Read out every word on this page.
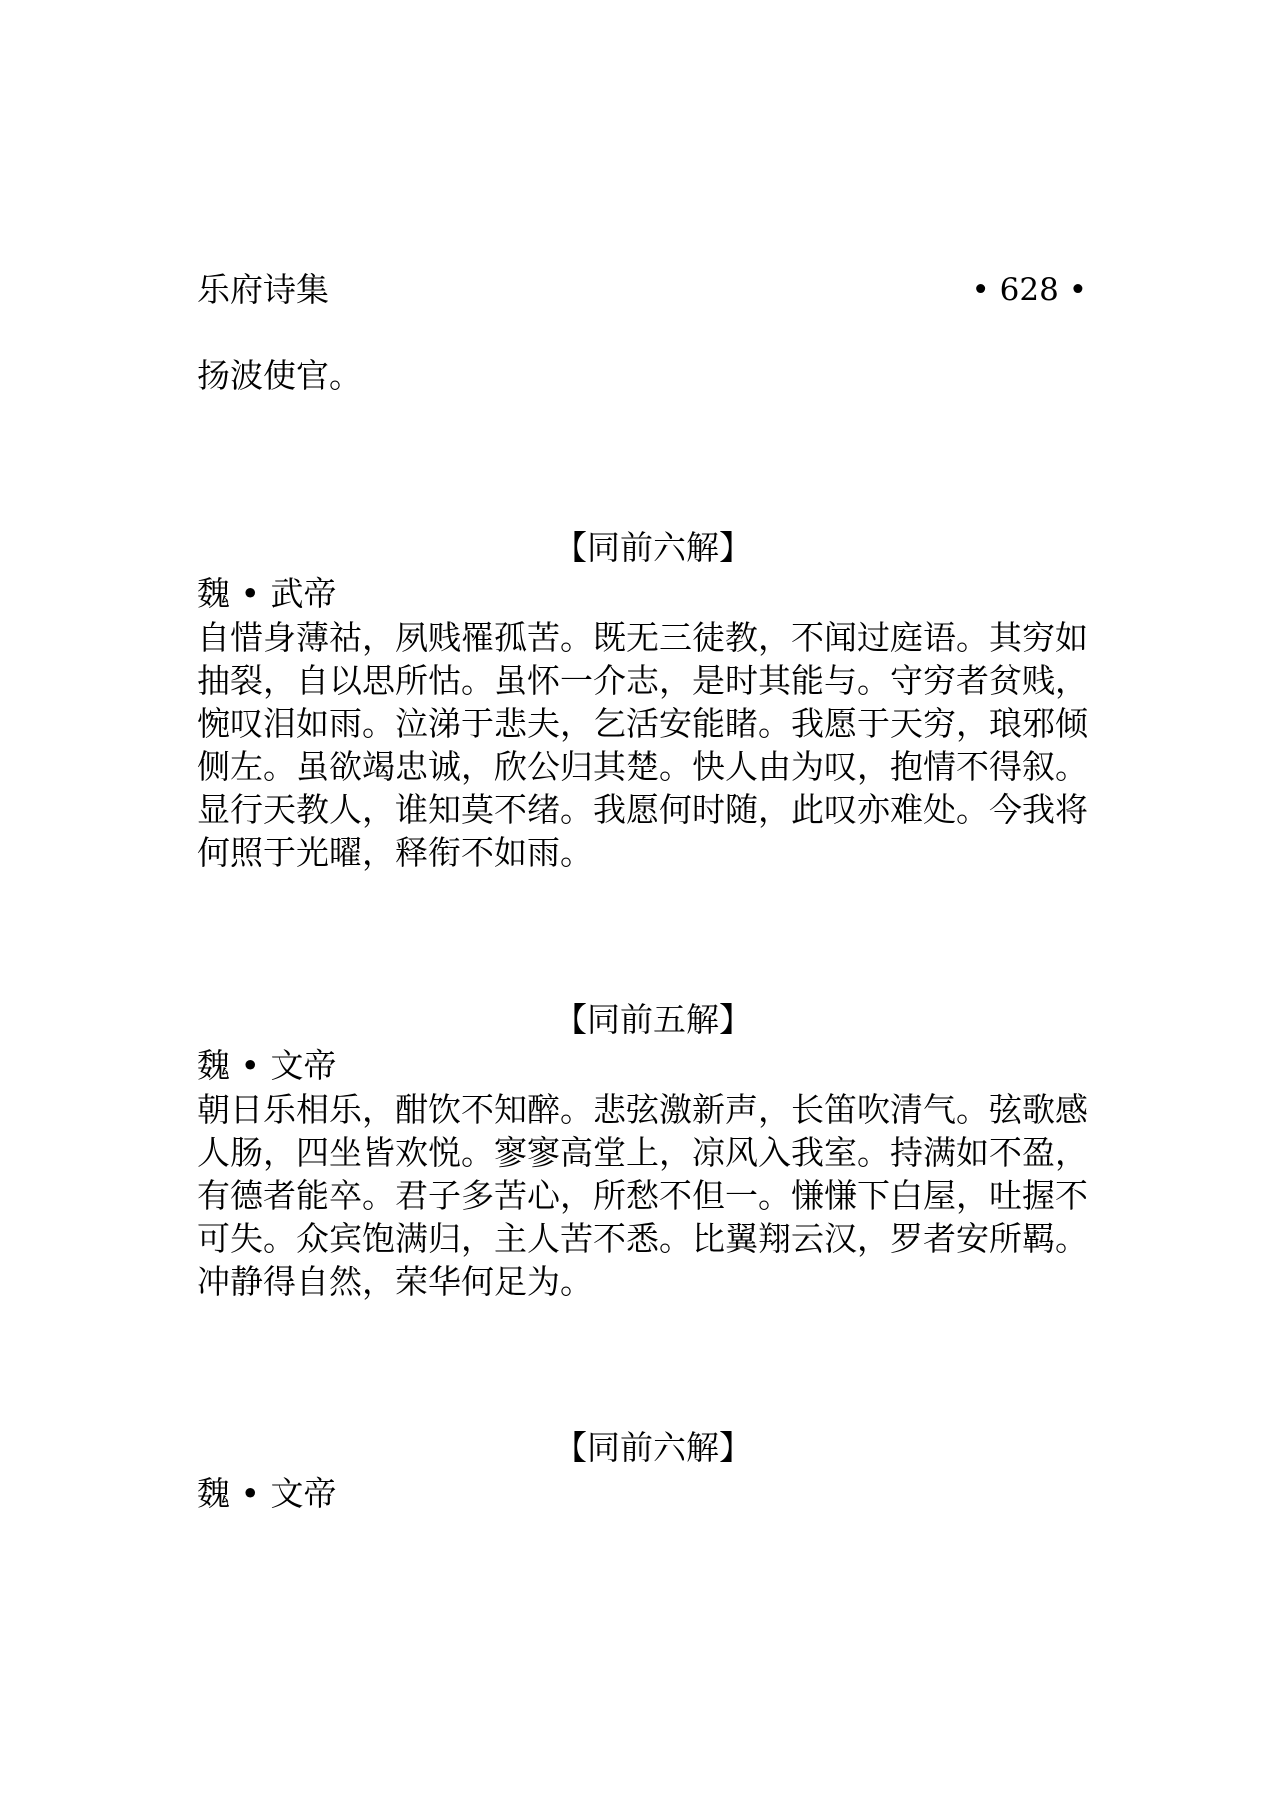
乐府诗集	• 628 •
扬波使官。
【同前六解】
魏 • 武帝
自惜身薄祜，夙贱罹孤苦。既无三徒教，不闻过庭语。其穷如
抽裂，自以思所怙。虽怀一介志，是时其能与。守穷者贫贱，
惋叹泪如雨。泣涕于悲夫，乞活安能睹。我愿于天穷，琅邪倾
侧左。虽欲竭忠诚，欣公归其楚。快人由为叹，抱情不得叙。
显行天教人，谁知莫不绪。我愿何时随，此叹亦难处。今我将
何照于光曜，释衔不如雨。
【同前五解】
魏 • 文帝
朝日乐相乐，酣饮不知醉。悲弦激新声，长笛吹清气。弦歌感
人肠，四坐皆欢悦。寥寥高堂上，凉风入我室。持满如不盈，
有德者能卒。君子多苦心，所愁不但一。慊慊下白屋，吐握不
可失。众宾饱满归，主人苦不悉。比翼翔云汉，罗者安所羁。
冲静得自然，荣华何足为。
【同前六解】
魏 • 文帝
